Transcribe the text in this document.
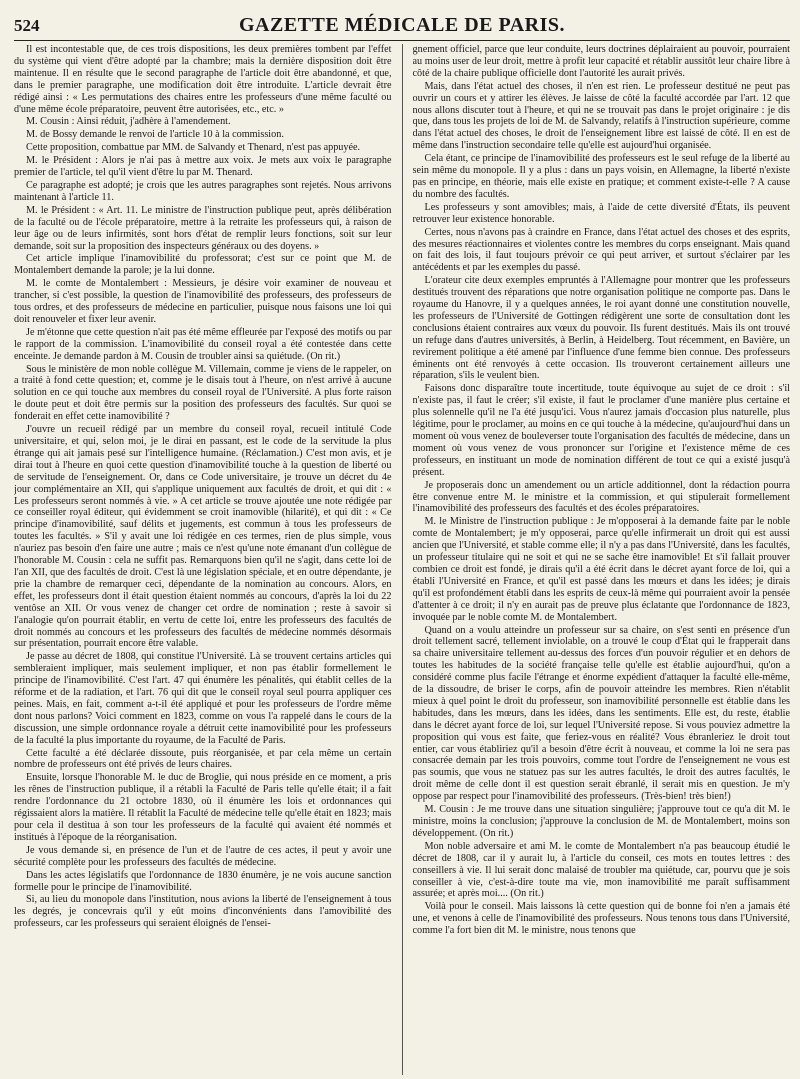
524	GAZETTE MÉDICALE DE PARIS.

Il est incontestable que, de ces trois dispositions, les deux premières tombent par l'effet du système qui vient d'être adopté par la chambre; mais la dernière disposition doit être maintenue. Il en résulte que le second paragraphe de l'article doit être abandonné, et que, dans le premier paragraphe, une modification doit être introduite. L'article devrait être rédigé ainsi : « Les permutations des chaires entre les professeurs d'une même faculté ou d'une même école préparatoire, peuvent être autorisées, etc., etc. »

M. Cousin : Ainsi réduit, j'adhère à l'amendement.

M. de Bossy demande le renvoi de l'article 10 à la commission.

Cette proposition, combattue par MM. de Salvandy et Thenard, n'est pas appuyée.

M. le Président : Alors je n'ai pas à mettre aux voix. Je mets aux voix le paragraphe premier de l'article, tel qu'il vient d'être lu par M. Thenard.

Ce paragraphe est adopté; je crois que les autres paragraphes sont rejetés. Nous arrivons maintenant à l'article 11.

M. le Président : « Art. 11. Le ministre de l'instruction publique peut, après délibération de la faculté ou de l'école préparatoire, mettre à la retraite les professeurs qui, à raison de leur âge ou de leurs infirmités, sont hors d'état de remplir leurs fonctions, soit sur leur demande, soit sur la proposition des inspecteurs généraux ou des doyens. »

Cet article implique l'inamovibilité du professorat; c'est sur ce point que M. de Montalembert demande la parole; je la lui donne.

M. le comte de Montalembert : Messieurs, je désire voir examiner de nouveau et trancher, si c'est possible, la question de l'inamovibilité des professeurs, des professeurs de tous ordres, et des professeurs de médecine en particulier, puisque nous faisons une loi qui doit renouveler et fixer leur avenir.

Je m'étonne que cette question n'ait pas été même effleurée par l'exposé des motifs ou par le rapport de la commission. L'inamovibilité du conseil royal a été contestée dans cette enceinte. Je demande pardon à M. Cousin de troubler ainsi sa quiétude. (On rit.)

Sous le ministère de mon noble collègue M. Villemain, comme je viens de le rappeler, on a traité à fond cette question; et, comme je le disais tout à l'heure, on n'est arrivé à aucune solution en ce qui touche aux membres du conseil royal de l'Université. A plus forte raison le doute peut et doit être permis sur la position des professeurs des facultés. Sur quoi se fonderait en effet cette inamovibilité ?

J'ouvre un recueil rédigé par un membre du conseil royal, recueil intitulé Code universitaire, et qui, selon moi, je le dirai en passant, est le code de la servitude la plus étrange qui ait jamais pesé sur l'intelligence humaine. (Réclamation.) C'est mon avis, et je dirai tout à l'heure en quoi cette question d'inamovibilité touche à la question de liberté ou de servitude de l'enseignement. Or, dans ce Code universitaire, je trouve un décret du 4e jour complémentaire an XII, qui s'applique uniquement aux facultés de droit, et qui dit : « Les professeurs seront nommés à vie. » A cet article se trouve ajoutée une note rédigée par ce conseiller royal éditeur, qui évidemment se croit inamovible (hilarité), et qui dit : « Ce principe d'inamovibilité, sauf délits et jugements, est commun à tous les professeurs de toutes les facultés. » S'il y avait une loi rédigée en ces termes, rien de plus simple, vous n'auriez pas besoin d'en faire une autre ; mais ce n'est qu'une note émanant d'un collègue de l'honorable M. Cousin : cela ne suffit pas. Remarquons bien qu'il ne s'agit, dans cette loi de l'an XII, que des facultés de droit. C'est là une législation spéciale, et en outre dépendante, je prie la chambre de remarquer ceci, dépendante de la nomination au concours. Alors, en effet, les professeurs dont il était question étaient nommés au concours, d'après la loi du 22 ventôse an XII. Or vous venez de changer cet ordre de nomination ; reste à savoir si l'analogie qu'on pourrait établir, en vertu de cette loi, entre les professeurs des facultés de droit nommés au concours et les professeurs des facultés de médecine nommés désormais sur présentation, pourrait encore être valable.

Je passe au décret de 1808, qui constitue l'Université. Là se trouvent certains articles qui sembleraient impliquer, mais seulement impliquer, et non pas établir formellement le principe de l'inamovibilité. C'est l'art. 47 qui énumère les pénalités, qui établit celles de la réforme et de la radiation, et l'art. 76 qui dit que le conseil royal seul pourra appliquer ces peines. Mais, en fait, comment a-t-il été appliqué et pour les professeurs de l'ordre même dont nous parlons? Voici comment en 1823, comme on vous l'a rappelé dans le cours de la discussion, une simple ordonnance royale a détruit cette inamovibilité pour les professeurs de la faculté la plus importante du royaume, de la Faculté de Paris.

Cette faculté a été déclarée dissoute, puis réorganisée, et par cela même un certain nombre de professeurs ont été privés de leurs chaires.

Ensuite, lorsque l'honorable M. le duc de Broglie, qui nous préside en ce moment, a pris les rênes de l'instruction publique, il a rétabli la Faculté de Paris telle qu'elle était; il a fait rendre l'ordonnance du 21 octobre 1830, où il énumère les lois et ordonnances qui régissaient alors la matière. Il rétablit la Faculté de médecine telle qu'elle était en 1823; mais pour cela il destitua à son tour les professeurs de la faculté qui avaient été nommés et institués à l'époque de la réorganisation.

Je vous demande si, en présence de l'un et de l'autre de ces actes, il peut y avoir une sécurité complète pour les professeurs des facultés de médecine.

Dans les actes législatifs que l'ordonnance de 1830 énumère, je ne vois aucune sanction formelle pour le principe de l'inamovibilité.

Si, au lieu du monopole dans l'institution, nous avions la liberté de l'enseignement à tous les degrés, je concevrais qu'il y eût moins d'inconvénients dans l'amovibilité des professeurs, car les professeurs qui seraient éloignés de l'ensei-

gnement officiel, parce que leur conduite, leurs doctrines déplairaient au pouvoir, pourraient au moins user de leur droit, mettre à profit leur capacité et rétablir aussitôt leur chaire libre à côté de la chaire publique officielle dont l'autorité les aurait privés.

Mais, dans l'état actuel des choses, il n'en est rien. Le professeur destitué ne peut pas ouvrir un cours et y attirer les élèves. Je laisse de côté la faculté accordée par l'art. 12 que nous allons discuter tout à l'heure, et qui ne se trouvait pas dans le projet originaire : je dis que, dans tous les projets de loi de M. de Salvandy, relatifs à l'instruction supérieure, comme dans l'état actuel des choses, le droit de l'enseignement libre est laissé de côté. Il en est de même dans l'instruction secondaire telle qu'elle est aujourd'hui organisée.

Cela étant, ce principe de l'inamovibilité des professeurs est le seul refuge de la liberté au sein même du monopole. Il y a plus : dans un pays voisin, en Allemagne, la liberté n'existe pas en principe, en théorie, mais elle existe en pratique; et comment existe-t-elle ? A cause du nombre des facultés.

Les professeurs y sont amovibles; mais, à l'aide de cette diversité d'États, ils peuvent retrouver leur existence honorable.

Certes, nous n'avons pas à craindre en France, dans l'état actuel des choses et des esprits, des mesures réactionnaires et violentes contre les membres du corps enseignant. Mais quand on fait des lois, il faut toujours prévoir ce qui peut arriver, et surtout s'éclairer par les antécédents et par les exemples du passé.

L'orateur cite deux exemples empruntés à l'Allemagne pour montrer que les professeurs destitués trouvent des réparations que notre organisation politique ne comporte pas. Dans le royaume du Hanovre, il y a quelques années, le roi ayant donné une constitution nouvelle, les professeurs de l'Université de Gottingen rédigèrent une sorte de consultation dont les conclusions étaient contraires aux vœux du pouvoir. Ils furent destitués. Mais ils ont trouvé un refuge dans d'autres universités, à Berlin, à Heidelberg. Tout récemment, en Bavière, un revirement politique a été amené par l'influence d'une femme bien connue. Des professeurs éminents ont été renvoyés à cette occasion. Ils trouveront certainement ailleurs une réparation, s'ils le veulent bien.

Faisons donc disparaître toute incertitude, toute équivoque au sujet de ce droit : s'il n'existe pas, il faut le créer; s'il existe, il faut le proclamer d'une manière plus certaine et plus solennelle qu'il ne l'a été jusqu'ici. Vous n'aurez jamais d'occasion plus naturelle, plus légitime, pour le proclamer, au moins en ce qui touche à la médecine, qu'aujourd'hui dans un moment où vous venez de bouleverser toute l'organisation des facultés de médecine, dans un moment où vous venez de vous prononcer sur l'origine et l'existence même de ces professeurs, en instituant un mode de nomination différent de tout ce qui a existé jusqu'à présent.

Je proposerais donc un amendement ou un article additionnel, dont la rédaction pourra être convenue entre M. le ministre et la commission, et qui stipulerait formellement l'inamovibilité des professeurs des facultés et des écoles préparatoires.

M. le Ministre de l'instruction publique : Je m'opposerai à la demande faite par le noble comte de Montalembert; je m'y opposerai, parce qu'elle infirmerait un droit qui est aussi ancien que l'Université, et stable comme elle; il n'y a pas dans l'Université, dans les facultés, un professeur titulaire qui ne soit et qui ne se sache être inamovible! Et s'il fallait prouver combien ce droit est fondé, je dirais qu'il a été écrit dans le décret ayant force de loi, qui a établi l'Université en France, et qu'il est passé dans les mœurs et dans les idées; je dirais qu'il est profondément établi dans les esprits de ceux-là même qui pourraient avoir la pensée d'attenter à ce droit; il n'y en aurait pas de preuve plus éclatante que l'ordonnance de 1823, invoquée par le noble comte M. de Montalembert.

Quand on a voulu atteindre un professeur sur sa chaire, on s'est senti en présence d'un droit tellement sacré, tellement inviolable, on a trouvé le coup d'État qui le frapperait dans sa chaire universitaire tellement au-dessus des forces d'un pouvoir régulier et en dehors de toutes les habitudes de la société française telle qu'elle est établie aujourd'hui, qu'on a considéré comme plus facile l'étrange et énorme expédient d'attaquer la faculté elle-même, de la dissoudre, de briser le corps, afin de pouvoir atteindre les membres. Rien n'établit mieux à quel point le droit du professeur, son inamovibilité personnelle est établie dans les habitudes, dans les mœurs, dans les idées, dans les sentiments. Elle est, du reste, établie dans le décret ayant force de loi, sur lequel l'Université repose. Si vous pouviez admettre la proposition qui vous est faite, que feriez-vous en réalité? Vous ébranleriez le droit tout entier, car vous établiriez qu'il a besoin d'être écrit à nouveau, et comme la loi ne sera pas consacrée demain par les trois pouvoirs, comme tout l'ordre de l'enseignement ne vous est pas soumis, que vous ne statuez pas sur les autres facultés, le droit des autres facultés, le droit même de celle dont il est question serait ébranlé, il serait mis en question. Je m'y oppose par respect pour l'inamovibilité des professeurs. (Très-bien! très bien!)

M. Cousin : Je me trouve dans une situation singulière; j'approuve tout ce qu'a dit M. le ministre, moins la conclusion; j'approuve la conclusion de M. de Montalembert, moins son développement. (On rit.)

Mon noble adversaire et ami M. le comte de Montalembert n'a pas beaucoup étudié le décret de 1808, car il y aurait lu, à l'article du conseil, ces mots en toutes lettres : des conseillers à vie. Il lui serait donc malaisé de troubler ma quiétude, car, pourvu que je sois conseiller à vie, c'est-à-dire toute ma vie, mon inamovibilité me paraît suffisamment assurée; et après moi.... (On rit.)

Voilà pour le conseil. Mais laissons là cette question qui de bonne foi n'en a jamais été une, et venons à celle de l'inamovibilité des professeurs. Nous tenons tous dans l'Université, comme l'a fort bien dit M. le ministre, nous tenons que
